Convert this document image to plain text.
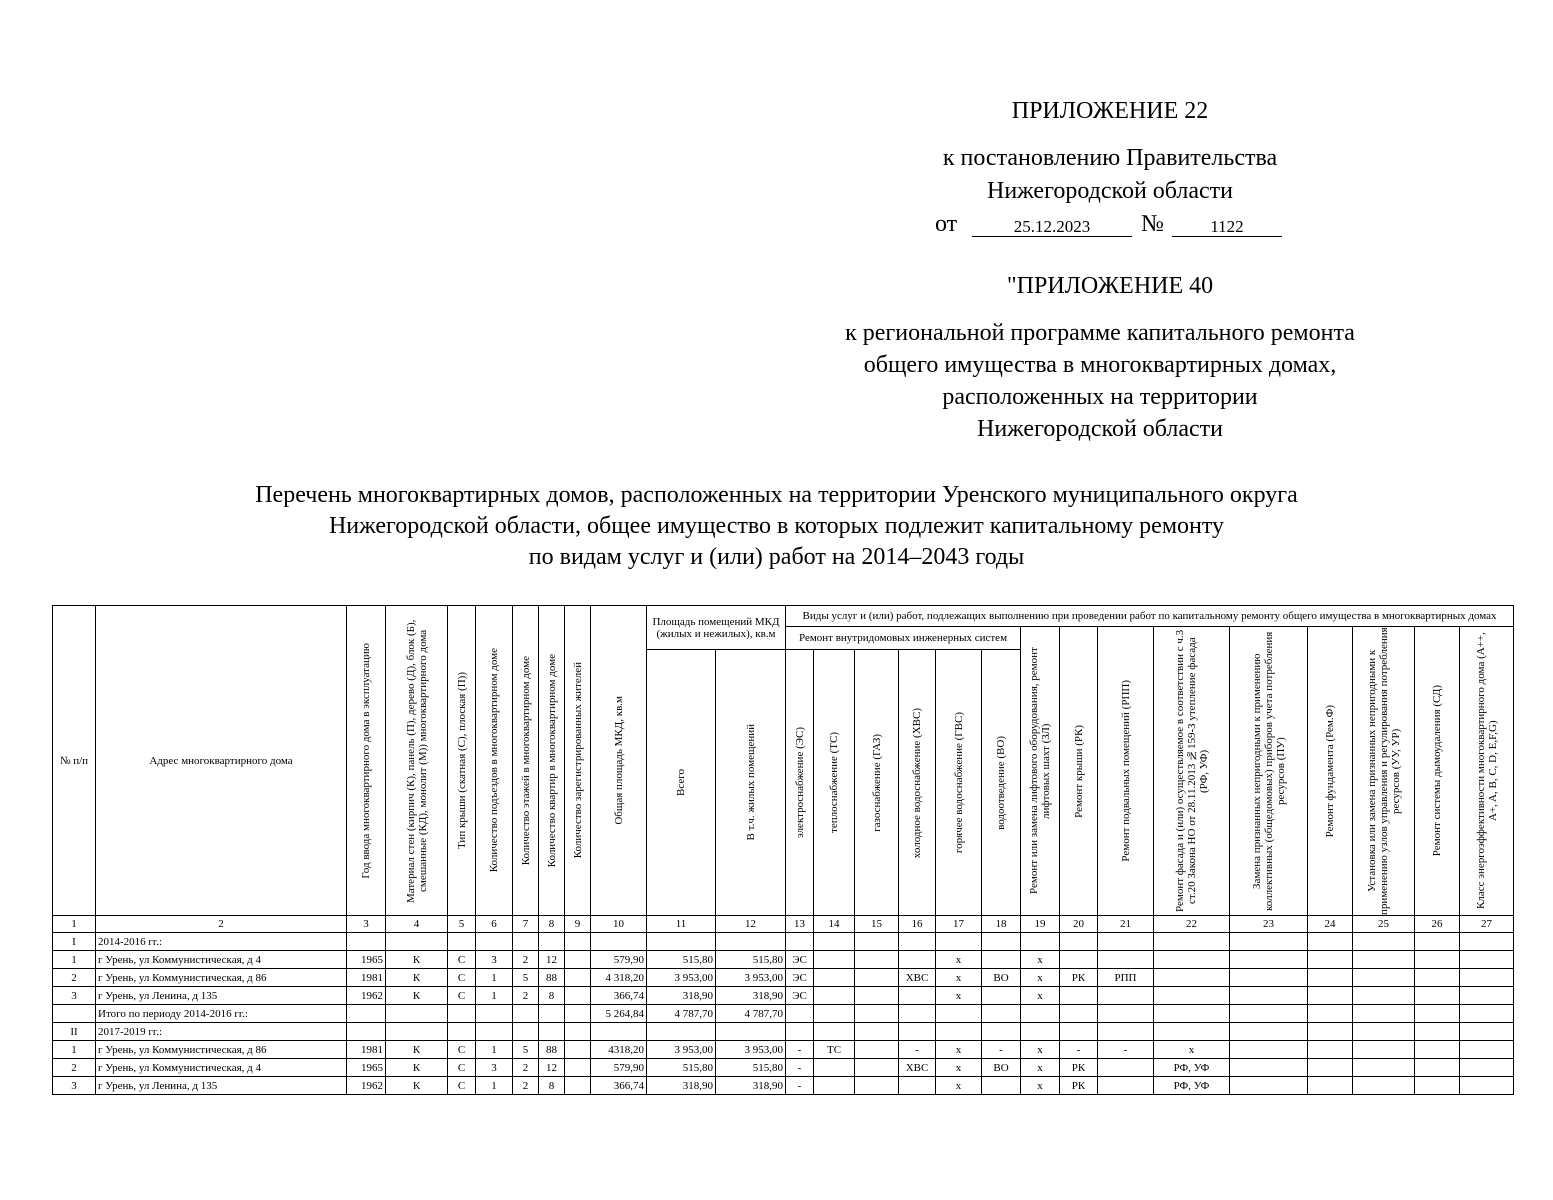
ПРИЛОЖЕНИЕ 22
к постановлению Правительства
Нижегородской области
от	25.12.2023	№	1122
"ПРИЛОЖЕНИЕ 40
к региональной программе капитального ремонта
общего имущества в многоквартирных домах,
расположенных на территории
Нижегородской области
Перечень многоквартирных домов, расположенных на территории Уренского муниципального округа
Нижегородской области, общее имущество в которых подлежит капитальному ремонту
по видам услуг и (или) работ на 2014–2043 годы
№ п/п	Адрес многоквартирного дома	Год ввода многоквартирного дома в эксплуатацию	Материал стен (кирпич (К), панель (П), дерево (Д), блок (Б), смешанные (КД), монолит (М)) многоквартирного дома	Тип крыши (скатная (С), плоская (П))	Количество подъездов в многоквартирном доме	Количество этажей в многоквартирном доме	Количество квартир в многоквартирном доме	Количество зарегистрированных жителей	Общая площадь МКД, кв.м	Площадь помещений МКД (жилых и нежилых), кв.м		Виды услуг и (или) работ, подлежащих выполнению при проведении работ по капитальному ремонту общего имущества в многоквартирных домах														
												Ремонт внутридомовых инженерных систем						Ремонт или замена лифтового оборудования, ремонт лифтовых шахт (ЗЛ)	Ремонт крыши (РК)	Ремонт подвальных помещений (РПП)	Ремонт фасада и (или) осуществляемое в соответствии с ч.3 ст.20 Закона НО от 28.11.2013 №159-З утепление фасада (РФ, УФ)	Замена признанных непригодными к применению коллективных (общедомовых) приборов учета потребления ресурсов (ПУ)	Ремонт фундамента (Рем.Ф)	Установка или замена признанных непригодными к применению узлов управления и регулирования потребления ресурсов (УУ, УР)	Ремонт системы дымоудаления (СД)	Класс энергоэффективности многоквартирного дома (A++, A+, A, B, C, D, E,F,G)

										Всего	В т.ч. жилых помещений	электроснабжение (ЭС)	теплоснабжение (ТС)	газоснабжение (ГАЗ)	холодное водоснабжение (ХВС)	горячее водоснабжение (ГВС)	водоотведение (ВО)									

1	2	3	4	5	6	7	8	9	10	11	12	13	14	15	16	17	18	19	20	21	22	23	24	25	26	27
I	2014-2016 гг.:																									
1	г Урень, ул Коммунистическая, д 4	1965	К	С	3	2	12		579,90	515,80	515,80	ЭС				х		х								
2	г Урень, ул Коммунистическая, д 86	1981	К	С	1	5	88		4 318,20	3 953,00	3 953,00	ЭС			ХВС	х	ВО	х	РК	РПП						
3	г Урень, ул Ленина, д 135	1962	К	С	1	2	8		366,74	318,90	318,90	ЭС				х		х								
	Итого по периоду 2014-2016 гг.:								5 264,84	4 787,70	4 787,70															
II	2017-2019 гг.:																									
1	г Урень, ул Коммунистическая, д 86	1981	К	С	1	5	88		4318,20	3 953,00	3 953,00	-	ТС		-	х	-	х	-	-	х					
2	г Урень, ул Коммунистическая, д 4	1965	К	С	3	2	12		579,90	515,80	515,80	-			ХВС	х	ВО	х	РК		РФ, УФ					
3	г Урень, ул Ленина, д 135	1962	К	С	1	2	8		366,74	318,90	318,90	-				х		х	РК		РФ, УФ					
